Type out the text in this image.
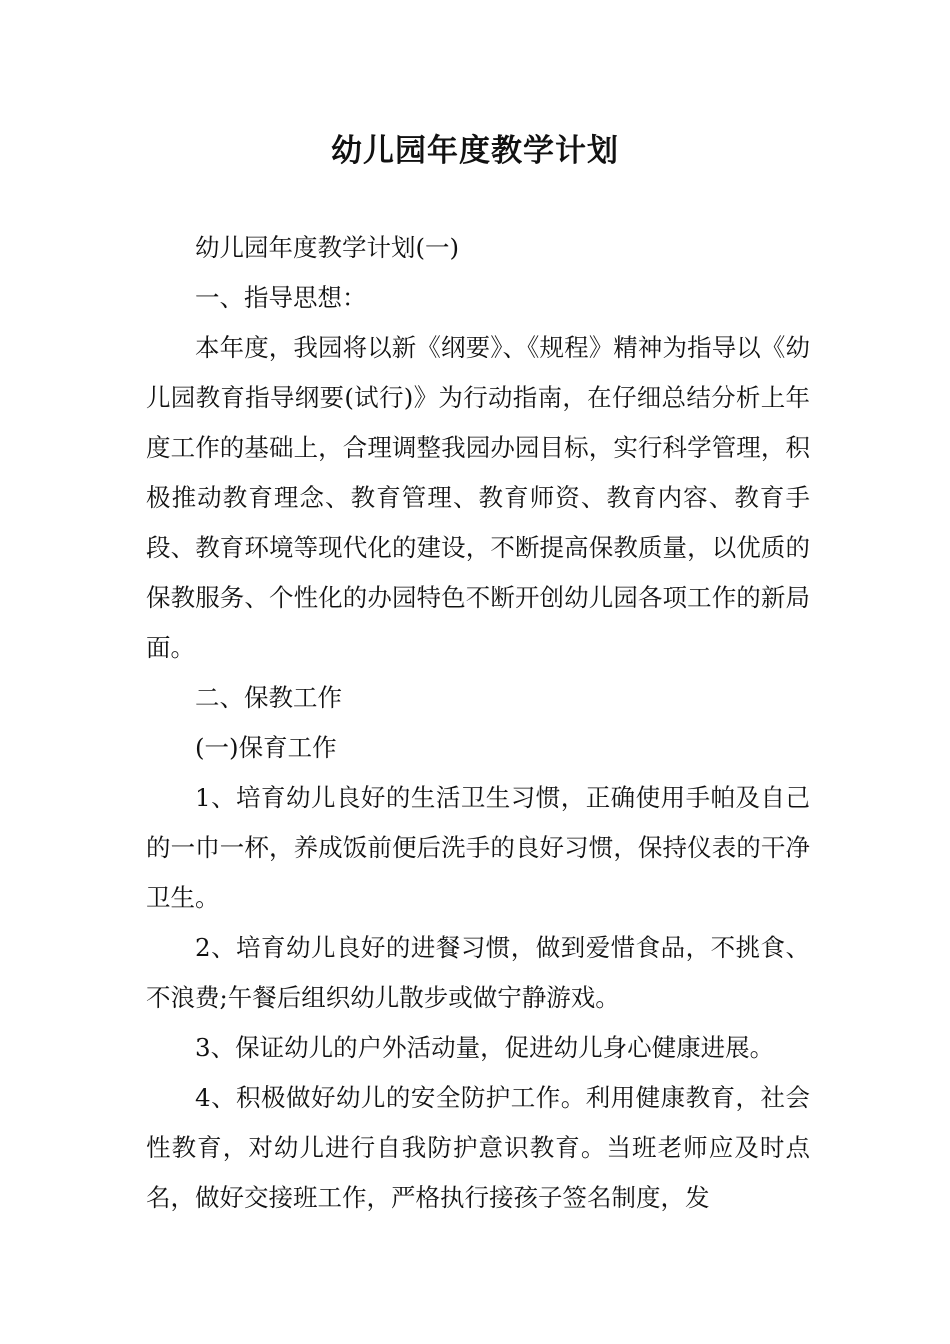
幼儿园年度教学计划

幼儿园年度教学计划(一)

一、指导思想：

本年度，我园将以新《纲要》、《规程》精神为指导以《幼儿园教育指导纲要(试行)》为行动指南，在仔细总结分析上年度工作的基础上，合理调整我园办园目标，实行科学管理，积极推动教育理念、教育管理、教育师资、教育内容、教育手段、教育环境等现代化的建设，不断提高保教质量，以优质的保教服务、个性化的办园特色不断开创幼儿园各项工作的新局面。

二、保教工作

(一)保育工作

1、培育幼儿良好的生活卫生习惯，正确使用手帕及自己的一巾一杯，养成饭前便后洗手的良好习惯，保持仪表的干净卫生。

2、培育幼儿良好的进餐习惯，做到爱惜食品，不挑食、不浪费;午餐后组织幼儿散步或做宁静游戏。

3、保证幼儿的户外活动量，促进幼儿身心健康进展。

4、积极做好幼儿的安全防护工作。利用健康教育，社会性教育，对幼儿进行自我防护意识教育。当班老师应及时点名，做好交接班工作，严格执行接孩子签名制度，发
